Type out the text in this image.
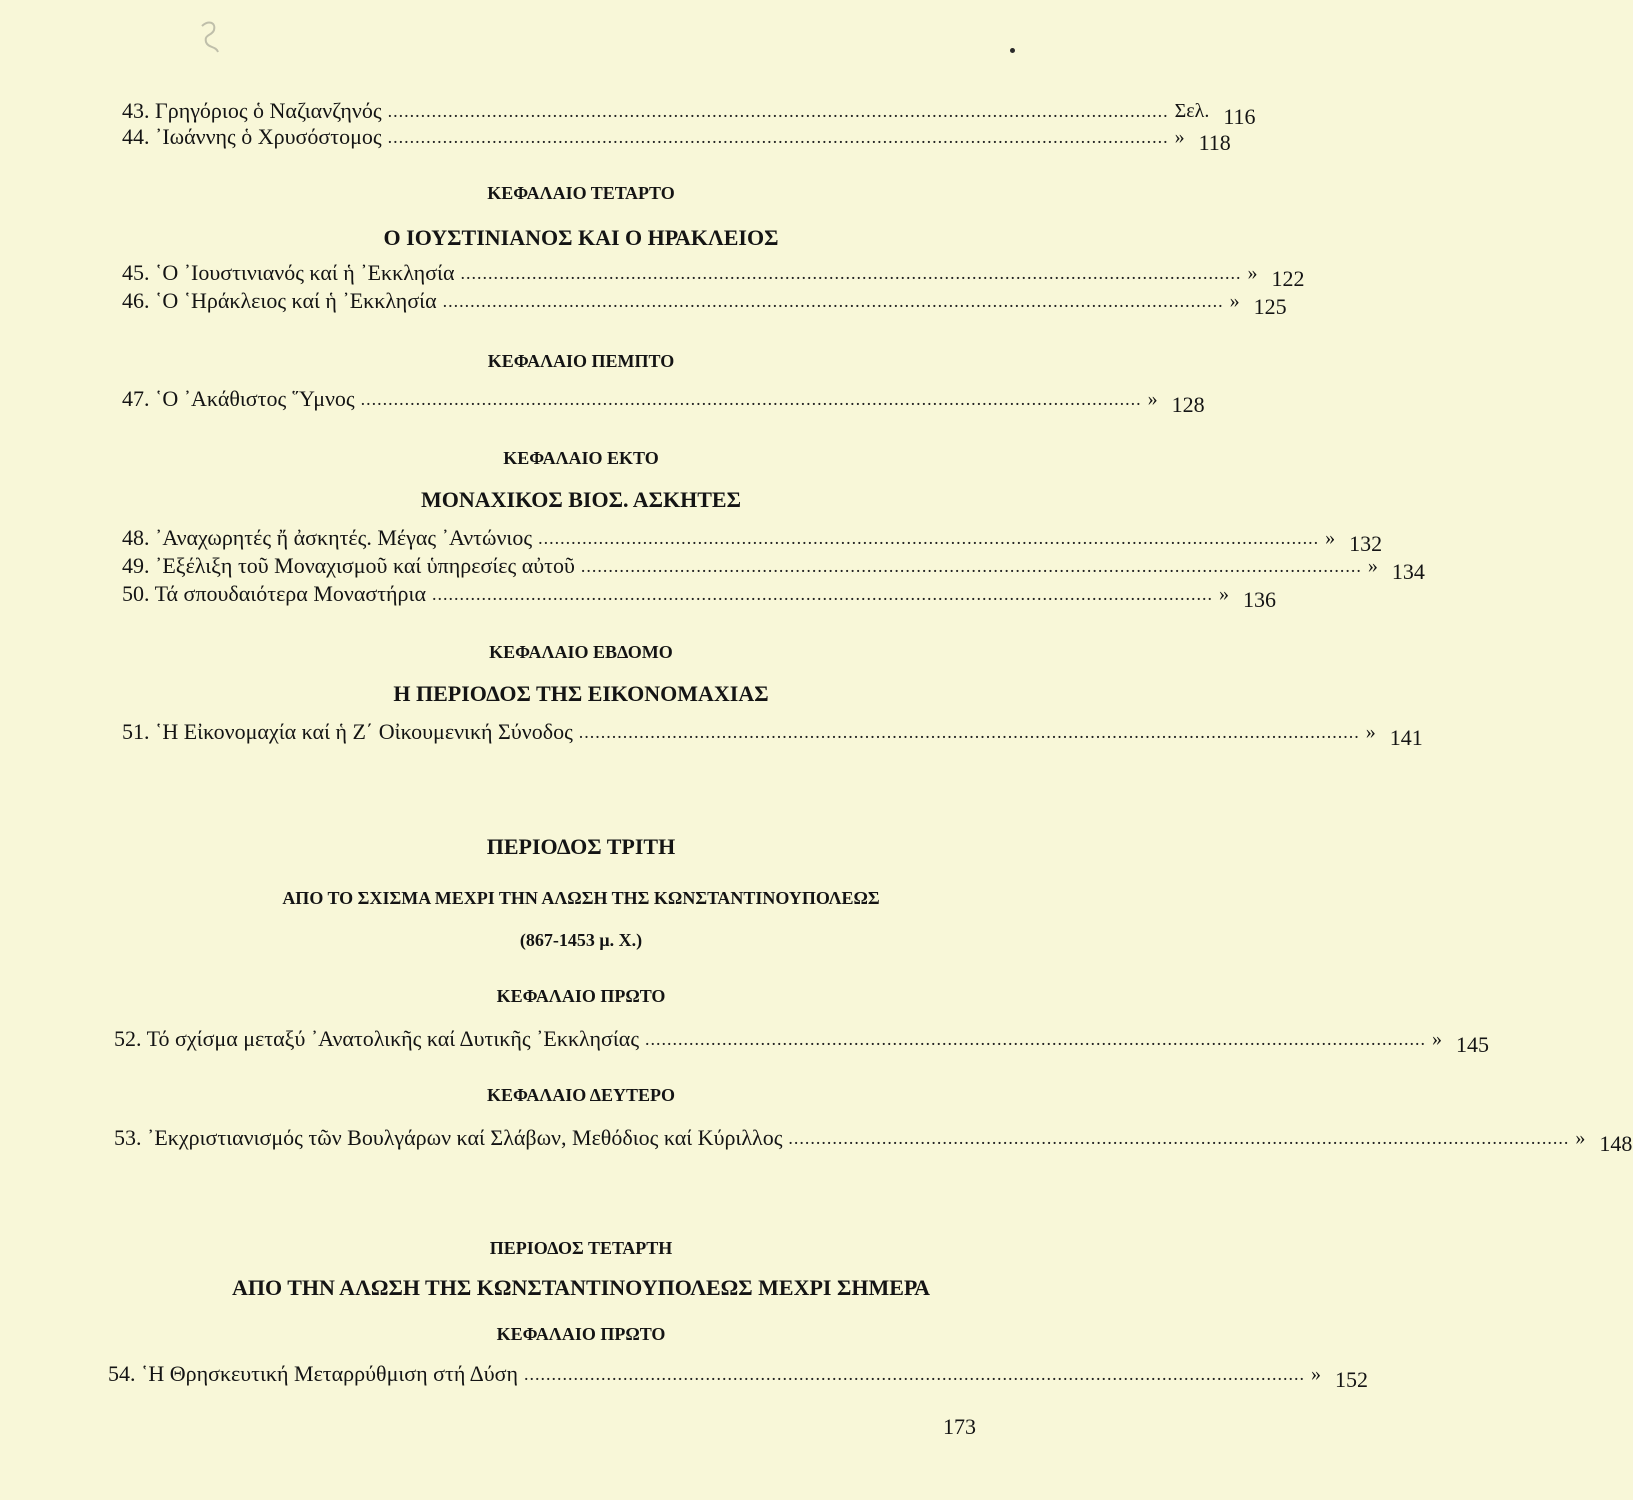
43. Γρηγόριος ὁ Ναζιανζηνός .............................................................................................................................................. Σελ. 116
44. ᾿Ιωάννης ὁ Χρυσόστομος .............................................................................................................................................. » 118
ΚΕΦΑΛΑΙΟ ΤΕΤΑΡΤΟ
Ο ΙΟΥΣΤΙΝΙΑΝΟΣ ΚΑΙ Ο ΗΡΑΚΛΕΙΟΣ
45. ῾Ο ᾿Ιουστινιανός καί ἡ ᾿Εκκλησία .............................................................................................................................................. » 122
46. ῾Ο ῾Ηράκλειος καί ἡ ᾿Εκκλησία .............................................................................................................................................. » 125
ΚΕΦΑΛΑΙΟ ΠΕΜΠΤΟ
47. ῾Ο ᾿Ακάθιστος ῞Υμνος .............................................................................................................................................. » 128
ΚΕΦΑΛΑΙΟ ΕΚΤΟ
ΜΟΝΑΧΙΚΟΣ ΒΙΟΣ. ΑΣΚΗΤΕΣ
48. ᾿Αναχωρητές ἤ ἀσκητές. Μέγας ᾿Αντώνιος .............................................................................................................................................. » 132
49. ᾿Εξέλιξη τοῦ Μοναχισμοῦ καί ὑπηρεσίες αὐτοῦ .............................................................................................................................................. » 134
50. Τά σπουδαιότερα Μοναστήρια .............................................................................................................................................. » 136
ΚΕΦΑΛΑΙΟ ΕΒΔΟΜΟ
Η ΠΕΡΙΟΔΟΣ ΤΗΣ ΕΙΚΟΝΟΜΑΧΙΑΣ
51. ῾Η Εἰκονομαχία καί ἡ Ζ΄ Οἰκουμενική Σύνοδος .............................................................................................................................................. » 141
ΠΕΡΙΟΔΟΣ ΤΡΙΤΗ
ΑΠΟ ΤΟ ΣΧΙΣΜΑ ΜΕΧΡΙ ΤΗΝ ΑΛΩΣΗ ΤΗΣ ΚΩΝΣΤΑΝΤΙΝΟΥΠΟΛΕΩΣ
(867-1453 μ. Χ.)
ΚΕΦΑΛΑΙΟ ΠΡΩΤΟ
52. Τό σχίσμα μεταξύ ᾿Ανατολικῆς καί Δυτικῆς ᾿Εκκλησίας .............................................................................................................................................. » 145
ΚΕΦΑΛΑΙΟ ΔΕΥΤΕΡΟ
53. ᾿Εκχριστιανισμός τῶν Βουλγάρων καί Σλάβων, Μεθόδιος καί Κύριλλος .............................................................................................................................................. » 148
ΠΕΡΙΟΔΟΣ ΤΕΤΑΡΤΗ
ΑΠΟ ΤΗΝ ΑΛΩΣΗ ΤΗΣ ΚΩΝΣΤΑΝΤΙΝΟΥΠΟΛΕΩΣ ΜΕΧΡΙ ΣΗΜΕΡΑ
ΚΕΦΑΛΑΙΟ ΠΡΩΤΟ
54. ῾Η Θρησκευτική Μεταρρύθμιση στή Δύση .............................................................................................................................................. » 152
173
